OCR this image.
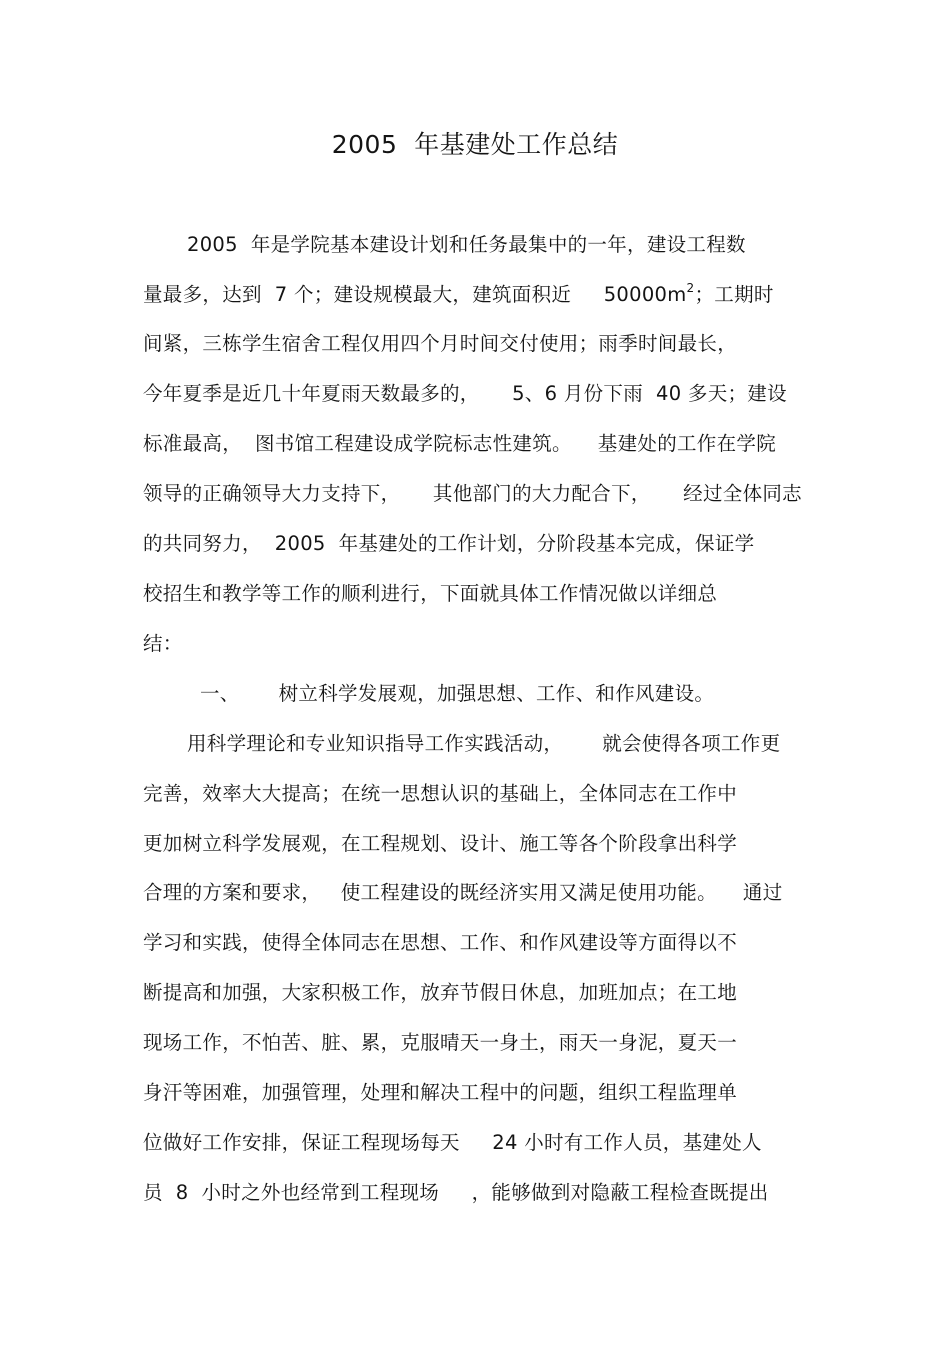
2005  年基建处工作总结
2005  年是学院基本建设计划和任务最集中的一年，建设工程数
量最多，达到  7 个；建设规模最大，建筑面积近     $50000m^2$；工期时
间紧，三栋学生宿舍工程仅用四个月时间交付使用；雨季时间最长，
今年夏季是近几十年夏雨天数最多的，     5、6 月份下雨  40 多天；建设
标准最高，  图书馆工程建设成学院标志性建筑。    基建处的工作在学院
领导的正确领导大力支持下，     其他部门的大力配合下，     经过全体同志
的共同努力，  2005  年基建处的工作计划，分阶段基本完成，保证学
校招生和教学等工作的顺利进行，下面就具体工作情况做以详细总
结：
一、      树立科学发展观，加强思想、工作、和作风建设。
用科学理论和专业知识指导工作实践活动，      就会使得各项工作更
完善，效率大大提高；在统一思想认识的基础上，全体同志在工作中
更加树立科学发展观，在工程规划、设计、施工等各个阶段拿出科学
合理的方案和要求，   使工程建设的既经济实用又满足使用功能。    通过
学习和实践，使得全体同志在思想、工作、和作风建设等方面得以不
断提高和加强，大家积极工作，放弃节假日休息，加班加点；在工地
现场工作，不怕苦、脏、累，克服晴天一身土，雨天一身泥，夏天一
身汗等困难，加强管理，处理和解决工程中的问题，组织工程监理单
位做好工作安排，保证工程现场每天     24 小时有工作人员，基建处人
员  8  小时之外也经常到工程现场     ，能够做到对隐蔽工程检查既提出
